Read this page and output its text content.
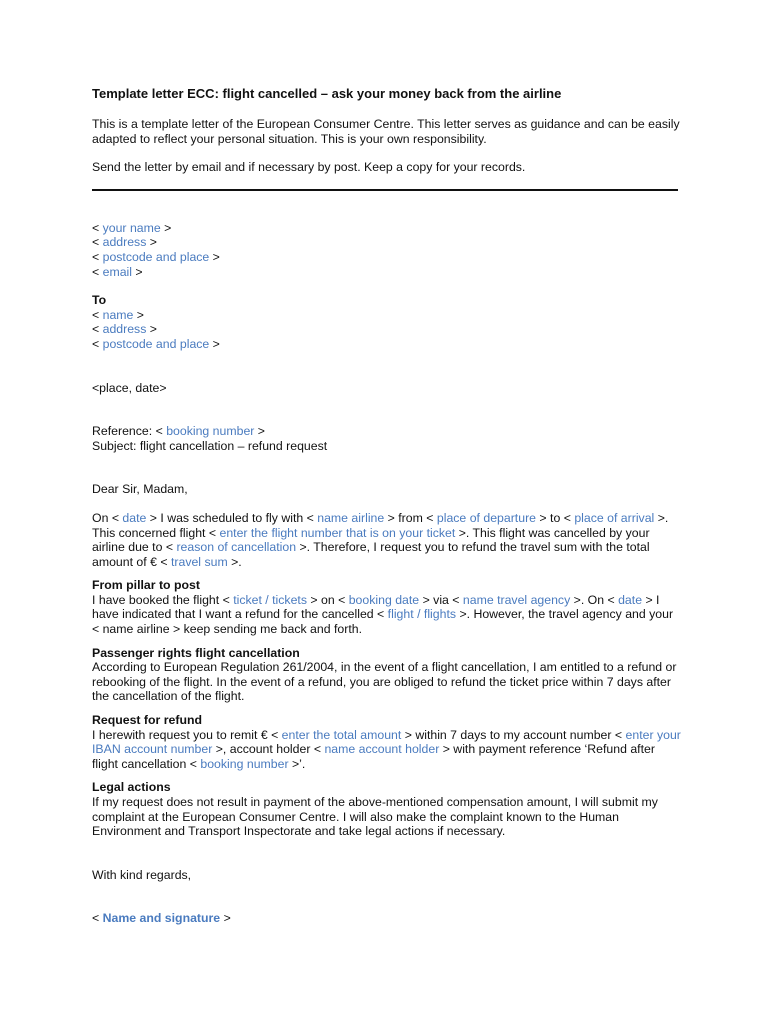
Template letter ECC: flight cancelled – ask your money back from the airline

This is a template letter of the European Consumer Centre. This letter serves as guidance and can be easily adapted to reflect your personal situation. This is your own responsibility.

Send the letter by email and if necessary by post. Keep a copy for your records.

< your name >

< address >

< postcode and place >

< email >

To

< name >

< address >

< postcode and place >

<place, date>

Reference: < booking number >

Subject: flight cancellation – refund request

Dear Sir, Madam,

On < date > I was scheduled to fly with < name airline > from < place of departure > to < place of arrival >. This concerned flight < enter the flight number that is on your ticket >. This flight was cancelled by your airline due to < reason of cancellation >. Therefore, I request you to refund the travel sum with the total amount of € < travel sum >.

From pillar to post

I have booked the flight < ticket / tickets > on < booking date > via < name travel agency >. On < date > I have indicated that I want a refund for the cancelled < flight / flights >. However, the travel agency and your < name airline > keep sending me back and forth.

Passenger rights flight cancellation

According to European Regulation 261/2004, in the event of a flight cancellation, I am entitled to a refund or rebooking of the flight. In the event of a refund, you are obliged to refund the ticket price within 7 days after the cancellation of the flight.

Request for refund

I herewith request you to remit € < enter the total amount > within 7 days to my account number < enter your IBAN account number >, account holder < name account holder > with payment reference ‘Refund after flight cancellation < booking number >’.

Legal actions

If my request does not result in payment of the above-mentioned compensation amount, I will submit my complaint at the European Consumer Centre. I will also make the complaint known to the Human Environment and Transport Inspectorate and take legal actions if necessary.

With kind regards,

< Name and signature >
